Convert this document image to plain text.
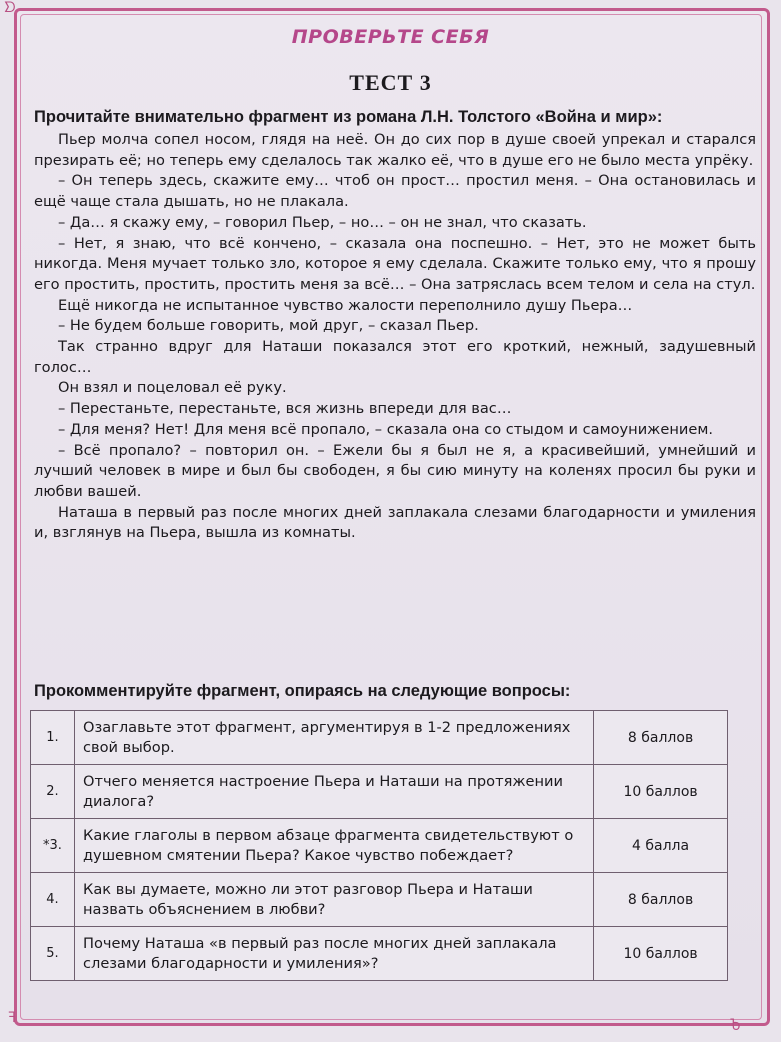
ᗤ
ꟻ	Ⴆ
ПРОВЕРЬТЕ СЕБЯ
ТЕСТ 3
Прочитайте внимательно фрагмент из романа Л.Н. Толстого «Война и мир»:

Пьер молча сопел носом, глядя на неё. Он до сих пор в душе своей упрекал и старался презирать её; но теперь ему сделалось так жалко её, что в душе его не было места упрёку.

– Он теперь здесь, скажите ему… чтоб он прост… простил меня. – Она остановилась и ещё чаще стала дышать, но не плакала.

– Да… я скажу ему, – говорил Пьер, – но… – он не знал, что сказать.

– Нет, я знаю, что всё кончено, – сказала она поспешно. – Нет, это не может быть никогда. Меня мучает только зло, которое я ему сделала. Скажите только ему, что я прошу его простить, простить, простить меня за всё… – Она затряслась всем телом и села на стул.

Ещё никогда не испытанное чувство жалости переполнило душу Пьера…

– Не будем больше говорить, мой друг, – сказал Пьер.

Так странно вдруг для Наташи показался этот его кроткий, нежный, задушевный голос…

Он взял и поцеловал её руку.

– Перестаньте, перестаньте, вся жизнь впереди для вас…

– Для меня? Нет! Для меня всё пропало, – сказала она со стыдом и самоунижением.

– Всё пропало? – повторил он. – Ежели бы я был не я, а красивейший, умнейший и лучший человек в мире и был бы свободен, я бы сию минуту на коленях просил бы руки и любви вашей.

Наташа в первый раз после многих дней заплакала слезами благодарности и умиления и, взглянув на Пьера, вышла из комнаты.

Прокомментируйте фрагмент, опираясь на следующие вопросы:
1.	Озаглавьте этот фрагмент, аргументируя в 1-2 предложениях свой выбор.	8 баллов
2.	Отчего меняется настроение Пьера и Наташи на протяжении диалога?	10 баллов
*3.	Какие глаголы в первом абзаце фрагмента свидетельствуют о душевном смятении Пьера? Какое чувство побеждает?	4 балла
4.	Как вы думаете, можно ли этот разговор Пьера и Наташи назвать объяснением в любви?	8 баллов
5.	Почему Наташа «в первый раз после многих дней заплакала слезами благодарности и умиления»?	10 баллов
